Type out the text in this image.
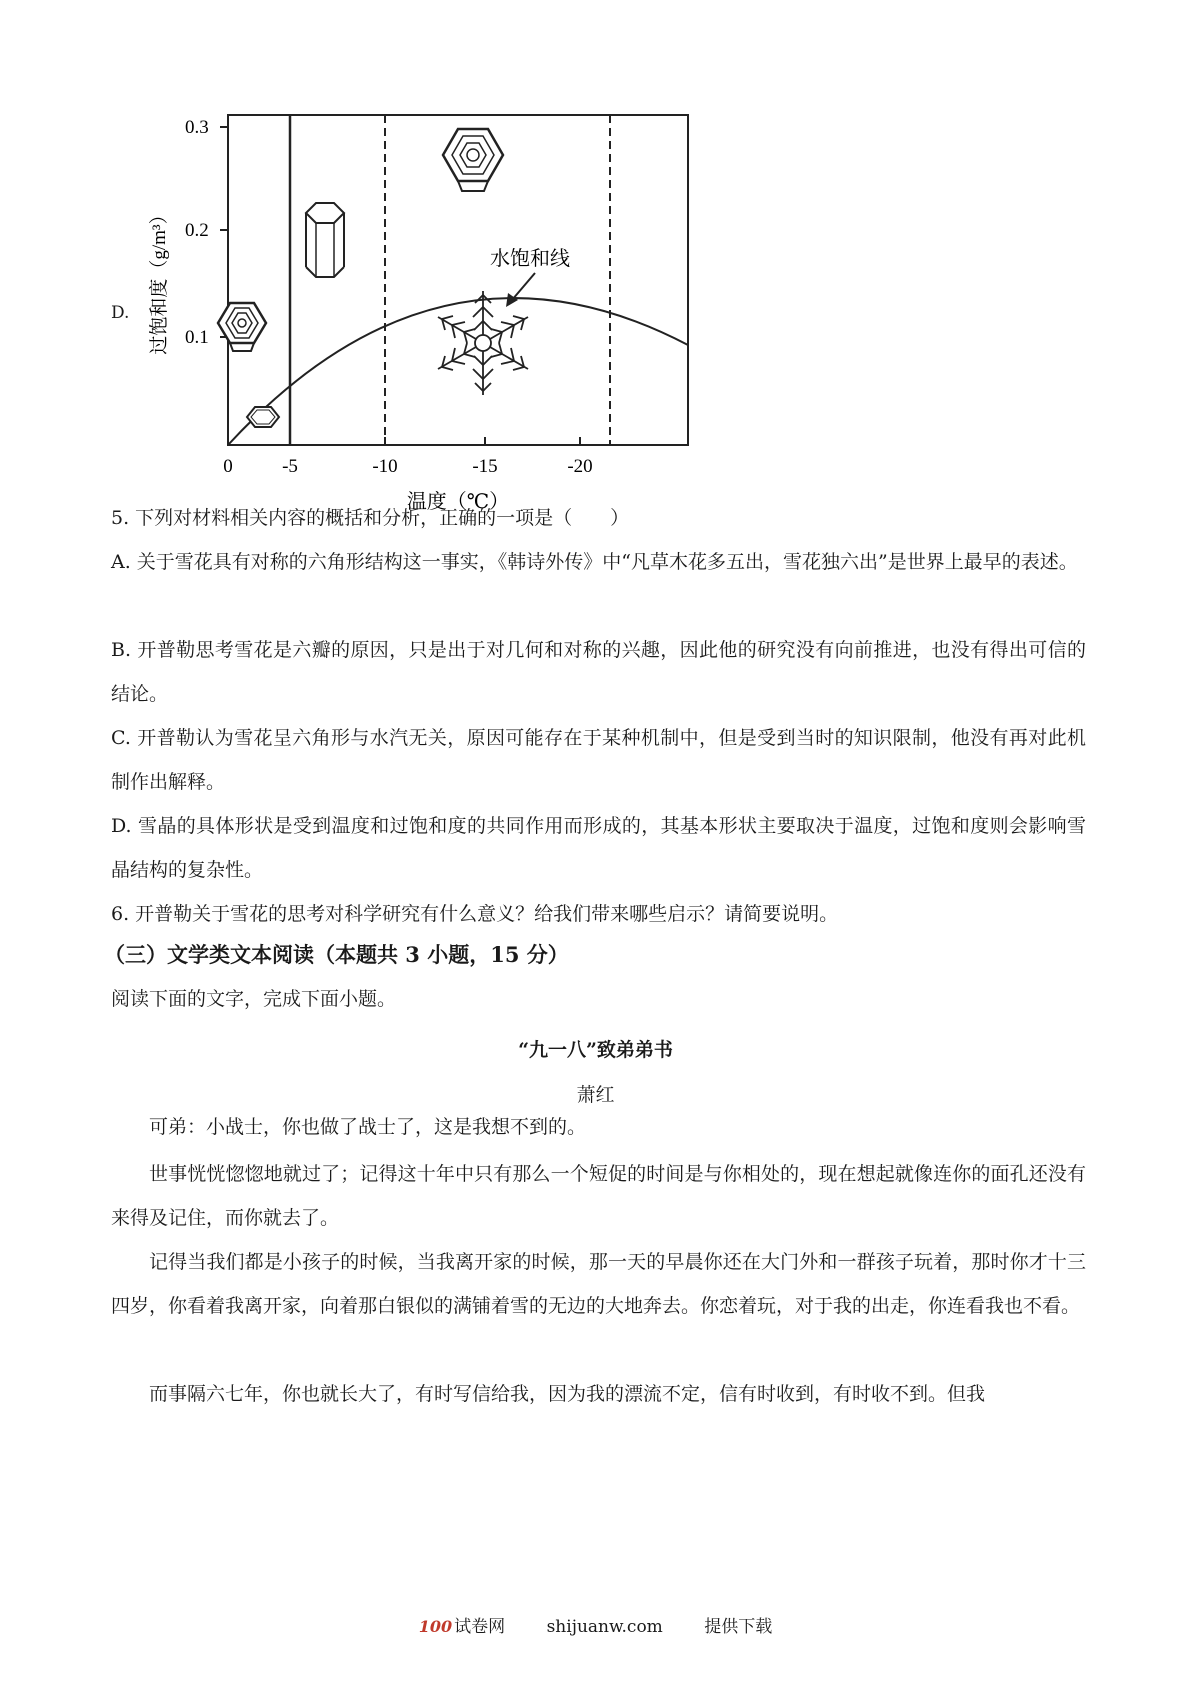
D.
0.3
0.2
0.1
过饱和度（g/m³）
0	-5	-10	-15	-20
温度（℃）
水饱和线
5. 下列对材料相关内容的概括和分析，正确的一项是（　　）
A. 关于雪花具有对称的六角形结构这一事实，《韩诗外传》中“凡草木花多五出，雪花独六出”是世界上最早的表述。
B. 开普勒思考雪花是六瓣的原因，只是出于对几何和对称的兴趣，因此他的研究没有向前推进，也没有得出可信的结论。
C. 开普勒认为雪花呈六角形与水汽无关，原因可能存在于某种机制中，但是受到当时的知识限制，他没有再对此机制作出解释。
D. 雪晶的具体形状是受到温度和过饱和度的共同作用而形成的，其基本形状主要取决于温度，过饱和度则会影响雪晶结构的复杂性。
6. 开普勒关于雪花的思考对科学研究有什么意义？给我们带来哪些启示？请简要说明。
（三）文学类文本阅读（本题共 3 小题，15 分）
阅读下面的文字，完成下面小题。
“九一八”致弟弟书
萧红
可弟：小战士，你也做了战士了，这是我想不到的。
世事恍恍惚惚地就过了；记得这十年中只有那么一个短促的时间是与你相处的，现在想起就像连你的面孔还没有来得及记住，而你就去了。
记得当我们都是小孩子的时候，当我离开家的时候，那一天的早晨你还在大门外和一群孩子玩着，那时你才十三四岁，你看着我离开家，向着那白银似的满铺着雪的无边的大地奔去。你恋着玩，对于我的出走，你连看我也不看。
而事隔六七年，你也就长大了，有时写信给我，因为我的漂流不定，信有时收到，有时收不到。但我
100 试卷网 shijuanw.com 提供下载
